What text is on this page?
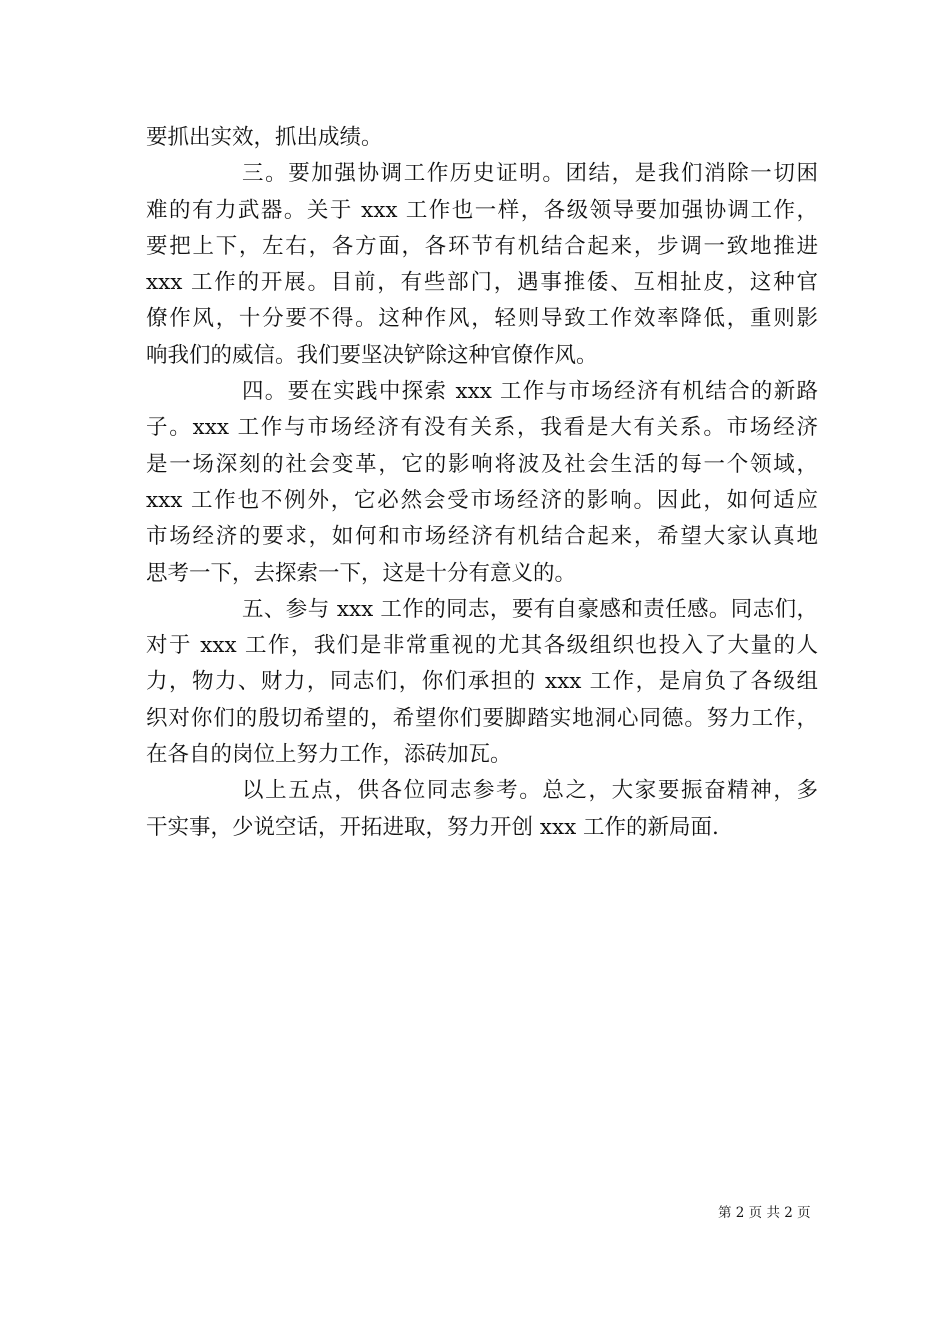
要抓出实效，抓出成绩。
三。要加强协调工作历史证明。团结，是我们消除一切困
难的有力武器。关于 xxx 工作也一样，各级领导要加强协调工作，
要把上下，左右，各方面，各环节有机结合起来，步调一致地推进
xxx 工作的开展。目前，有些部门，遇事推倭、互相扯皮，这种官
僚作风，十分要不得。这种作风，轻则导致工作效率降低，重则影
响我们的威信。我们要坚决铲除这种官僚作风。
四。要在实践中探索 xxx 工作与市场经济有机结合的新路
子。xxx 工作与市场经济有没有关系，我看是大有关系。市场经济
是一场深刻的社会变革，它的影响将波及社会生活的每一个领域，
xxx 工作也不例外，它必然会受市场经济的影响。因此，如何适应
市场经济的要求，如何和市场经济有机结合起来，希望大家认真地
思考一下，去探索一下，这是十分有意义的。
五、参与 xxx 工作的同志，要有自豪感和责任感。同志们，
对于 xxx 工作，我们是非常重视的尤其各级组织也投入了大量的人
力，物力、财力，同志们，你们承担的 xxx 工作，是肩负了各级组
织对你们的殷切希望的，希望你们要脚踏实地洞心同德。努力工作，
在各自的岗位上努力工作，添砖加瓦。
以上五点，供各位同志参考。总之，大家要振奋精神，多
干实事，少说空话，开拓进取，努力开创 xxx 工作的新局面.
第 2 页 共 2 页
